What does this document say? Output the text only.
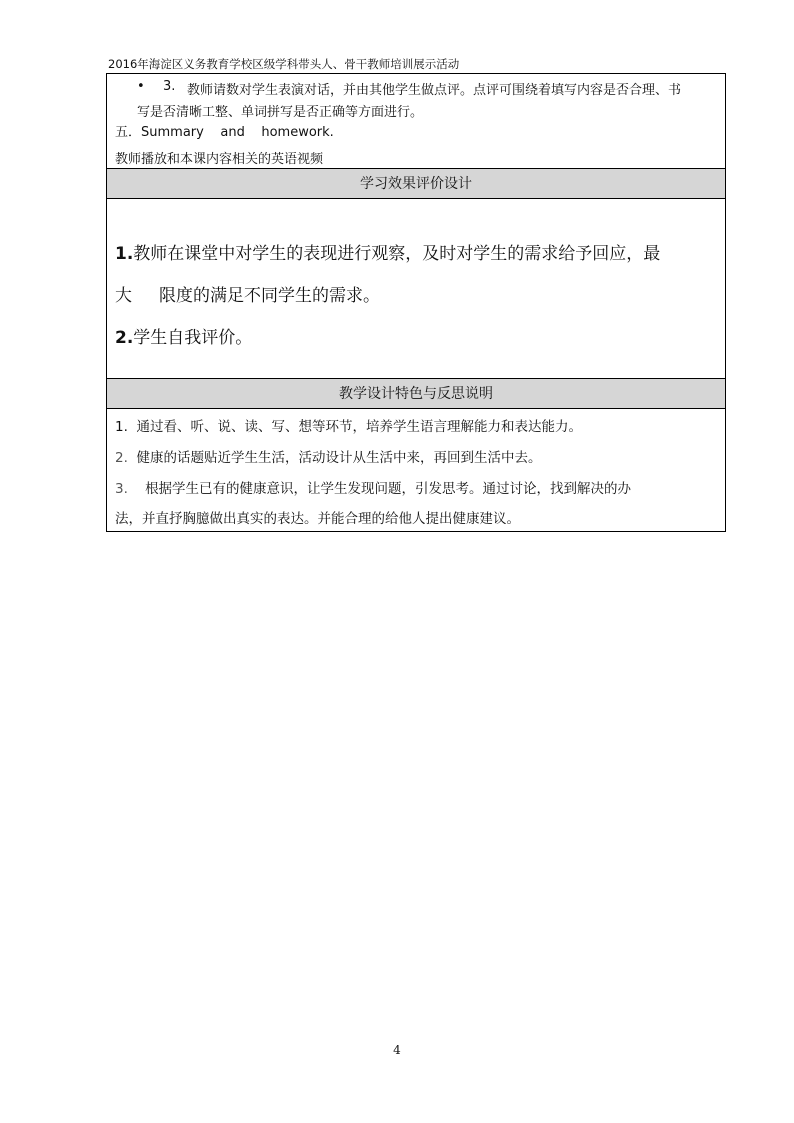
2016年海淀区义务教育学校区级学科带头人、骨干教师培训展示活动
• 3. 教师请数对学生表演对话，并由其他学生做点评。点评可围绕着填写内容是否合理、书
写是否清晰工整、单词拼写是否正确等方面进行。
五．Summary    and    homework.
教师播放和本课内容相关的英语视频
学习效果评价设计
1.教师在课堂中对学生的表现进行观察，及时对学生的需求给予回应，最
大     限度的满足不同学生的需求。
2.学生自我评价。
教学设计特色与反思说明
1. 通过看、听、说、读、写、想等环节，培养学生语言理解能力和表达能力。
2. 健康的话题贴近学生生活，活动设计从生活中来，再回到生活中去。
3. 根据学生已有的健康意识，让学生发现问题，引发思考。通过讨论，找到解决的办
法，并直抒胸臆做出真实的表达。并能合理的给他人提出健康建议。
4
